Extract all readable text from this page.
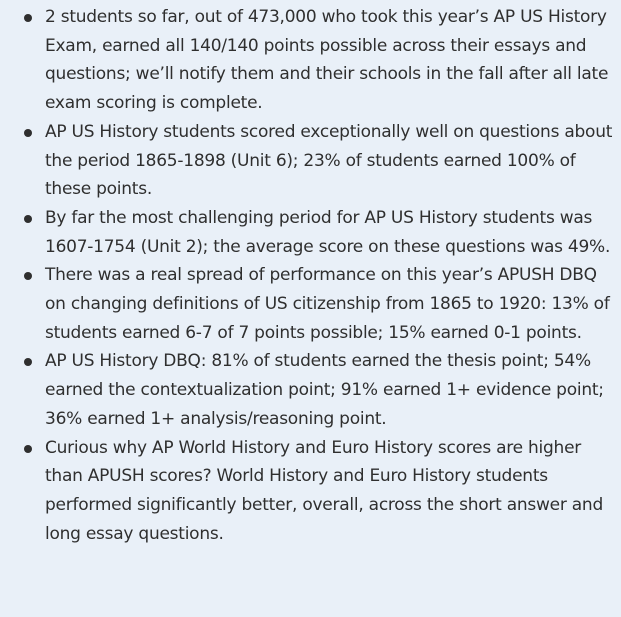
2 students so far, out of 473,000 who took this year’s AP US History Exam, earned all 140/140 points possible across their essays and questions; we’ll notify them and their schools in the fall after all late exam scoring is complete.
AP US History students scored exceptionally well on questions about the period 1865-1898 (Unit 6); 23% of students earned 100% of these points.
By far the most challenging period for AP US History students was 1607-1754 (Unit 2); the average score on these questions was 49%.
There was a real spread of performance on this year’s APUSH DBQ on changing definitions of US citizenship from 1865 to 1920: 13% of students earned 6-7 of 7 points possible; 15% earned 0-1 points.
AP US History DBQ: 81% of students earned the thesis point; 54% earned the contextualization point; 91% earned 1+ evidence point; 36% earned 1+ analysis/reasoning point.
Curious why AP World History and Euro History scores are higher than APUSH scores? World History and Euro History students performed significantly better, overall, across the short answer and long essay questions.
